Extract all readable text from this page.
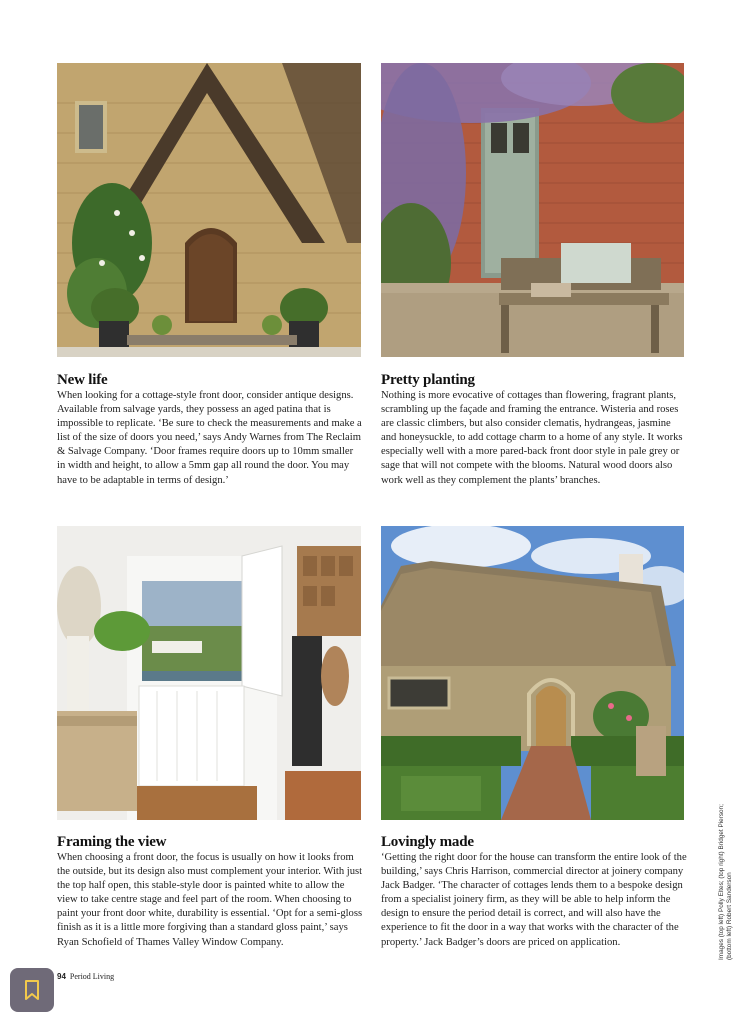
New life

When looking for a cottage-style front door, consider antique designs. Available from salvage yards, they possess an aged patina that is impossible to replicate. ‘Be sure to check the measurements and make a list of the size of doors you need,’ says Andy Warnes from The Reclaim & Salvage Company. ‘Door frames require doors up to 10mm smaller in width and height, to allow a 5mm gap all round the door. You may have to be adaptable in terms of design.’

Pretty planting

Nothing is more evocative of cottages than flowering, fragrant plants, scrambling up the façade and framing the entrance. Wisteria and roses are classic climbers, but also consider clematis, hydrangeas, jasmine and honeysuckle, to add cottage charm to a home of any style. It works especially well with a more pared-back front door style in pale grey or sage that will not compete with the blooms. Natural wood doors also work well as they complement the plants’ branches.

Framing the view

When choosing a front door, the focus is usually on how it looks from the outside, but its design also must complement your interior. With just the top half open, this stable-style door is painted white to allow the view to take centre stage and feel part of the room. When choosing to paint your front door white, durability is essential. ‘Opt for a semi-gloss finish as it is a little more forgiving than a standard gloss paint,’ says Ryan Schofield of Thames Valley Window Company.

Lovingly made

‘Getting the right door for the house can transform the entire look of the building,’ says Chris Harrison, commercial director at joinery company Jack Badger. ‘The character of cottages lends them to a bespoke design from a specialist joinery firm, as they will be able to help inform the design to ensure the period detail is correct, and will also have the experience to fit the door in a way that works with the character of the property.’ Jack Badger’s doors are priced on application.

94 Period Living
Images (top left) Polly Eltes; (top right) Bridget Pierson; (bottom left) Robert Sanderson
